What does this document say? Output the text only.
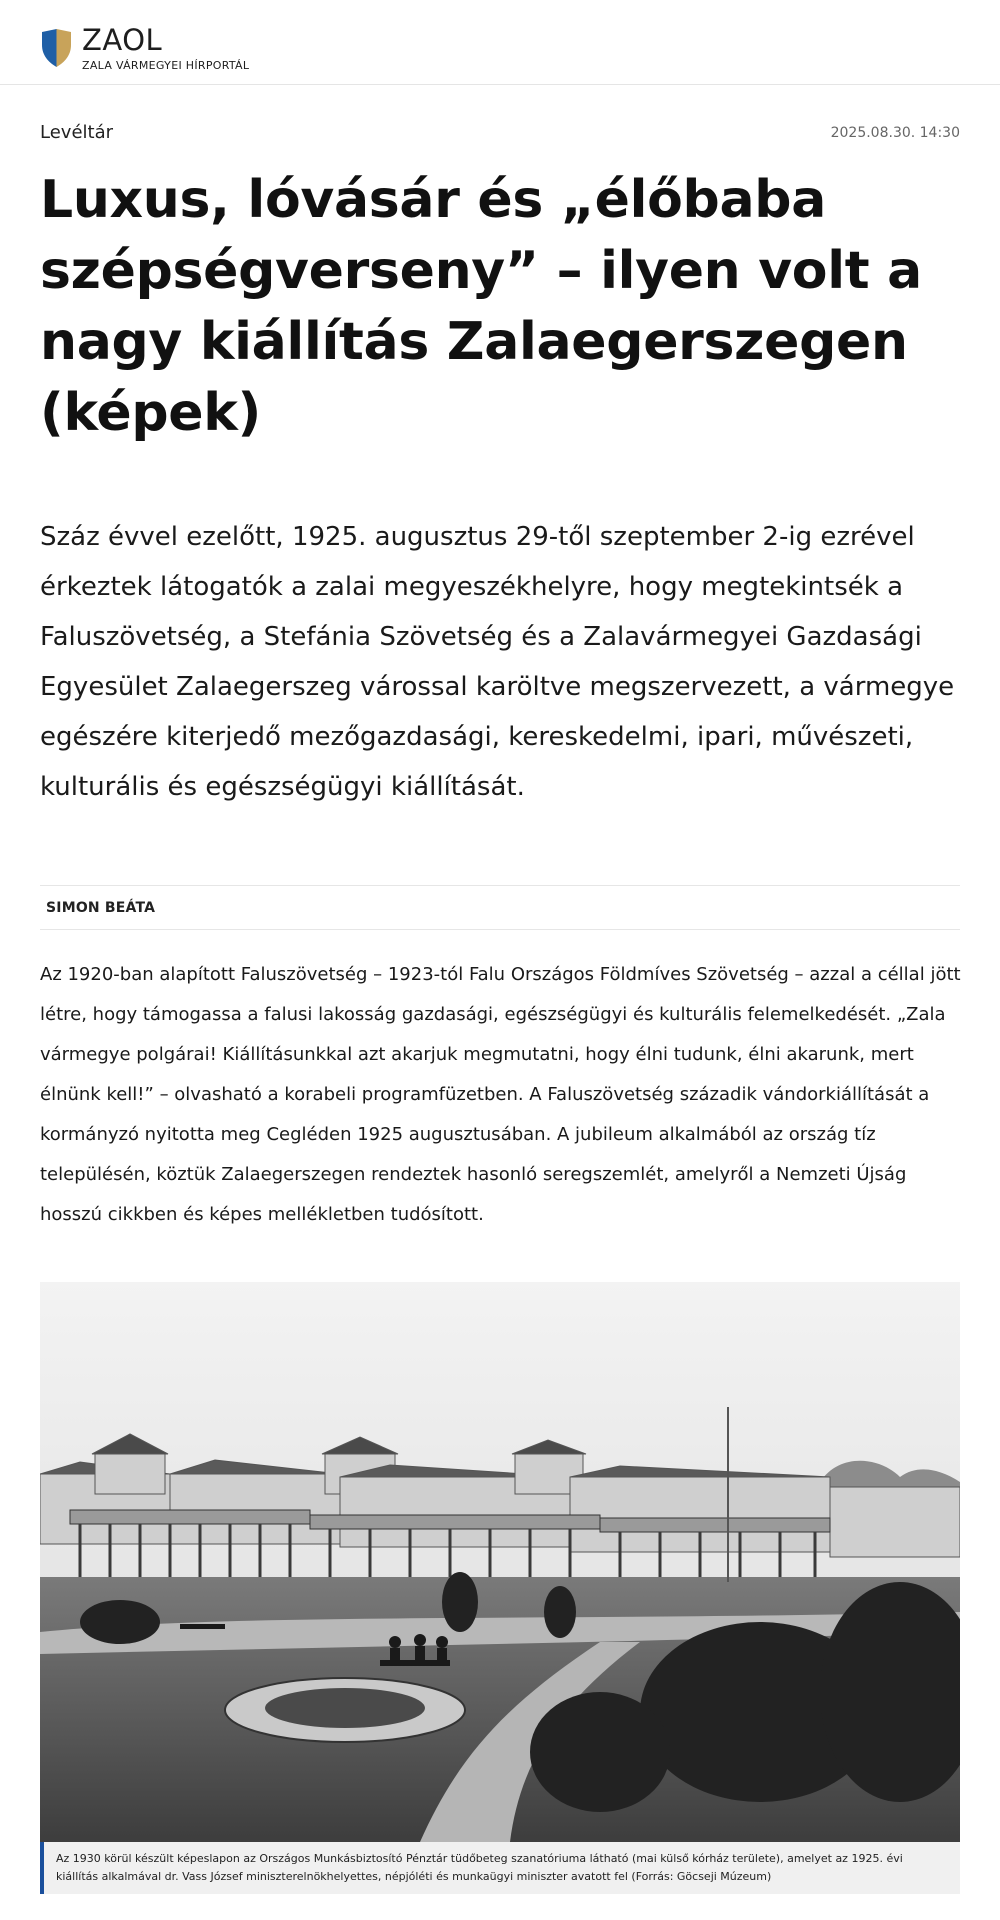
ZAOL
ZALA VÁRMEGYEI HÍRPORTÁL
Levéltár	2025.08.30. 14:30
Luxus, lóvásár és „élőbaba szépségverseny” – ilyen volt a nagy kiállítás Zalaegerszegen (képek)

Száz évvel ezelőtt, 1925. augusztus 29-től szeptember 2-ig ezrével érkeztek látogatók a zalai megyeszékhelyre, hogy megtekintsék a Faluszövetség, a Stefánia Szövetség és a Zalavármegyei Gazdasági Egyesület Zalaegerszeg várossal karöltve megszervezett, a vármegye egészére kiterjedő mezőgazdasági, kereskedelmi, ipari, művészeti, kulturális és egészségügyi kiállítását.

SIMON BEÁTA

Az 1920-ban alapított Faluszövetség – 1923-tól Falu Országos Földmíves Szövetség – azzal a céllal jött létre, hogy támogassa a falusi lakosság gazdasági, egészségügyi és kulturális felemelkedését. „Zala vármegye polgárai! Kiállításunkkal azt akarjuk megmutatni, hogy élni tudunk, élni akarunk, mert élnünk kell!” – olvasható a korabeli programfüzetben. A Faluszövetség századik vándorkiállítását a kormányzó nyitotta meg Cegléden 1925 augusztusában. A jubileum alkalmából az ország tíz településén, köztük Zalaegerszegen rendeztek hasonló seregszemlét, amelyről a Nemzeti Újság hosszú cikkben és képes mellékletben tudósított.

Az 1930 körül készült képeslapon az Országos Munkásbiztosító Pénztár tüdőbeteg szanatóriuma látható (mai külső kórház területe), amelyet az 1925. évi kiállítás alkalmával dr. Vass József miniszterelnökhelyettes, népjóléti és munkaügyi miniszter avatott fel (Forrás: Göcseji Múzeum)
